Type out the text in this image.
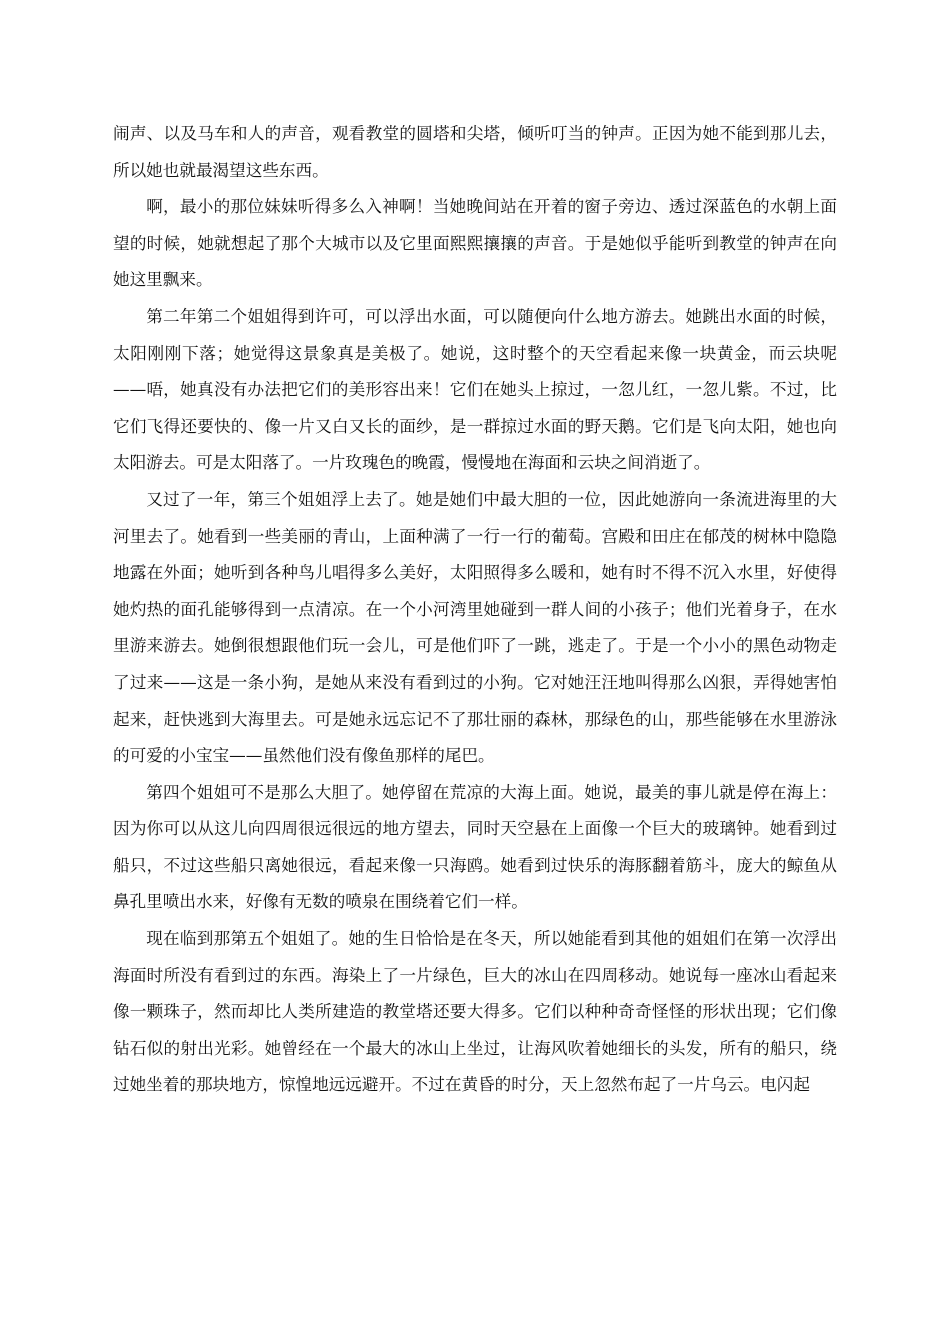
闹声、以及马车和人的声音，观看教堂的圆塔和尖塔，倾听叮当的钟声。正因为她不能到那儿去，所以她也就最渴望这些东西。

啊，最小的那位妹妹听得多么入神啊！当她晚间站在开着的窗子旁边、透过深蓝色的水朝上面望的时候，她就想起了那个大城市以及它里面熙熙攘攘的声音。于是她似乎能听到教堂的钟声在向她这里飘来。

第二年第二个姐姐得到许可，可以浮出水面，可以随便向什么地方游去。她跳出水面的时候，太阳刚刚下落；她觉得这景象真是美极了。她说，这时整个的天空看起来像一块黄金，而云块呢——唔，她真没有办法把它们的美形容出来！它们在她头上掠过，一忽儿红，一忽儿紫。不过，比它们飞得还要快的、像一片又白又长的面纱，是一群掠过水面的野天鹅。它们是飞向太阳，她也向太阳游去。可是太阳落了。一片玫瑰色的晚霞，慢慢地在海面和云块之间消逝了。

又过了一年，第三个姐姐浮上去了。她是她们中最大胆的一位，因此她游向一条流进海里的大河里去了。她看到一些美丽的青山，上面种满了一行一行的葡萄。宫殿和田庄在郁茂的树林中隐隐地露在外面；她听到各种鸟儿唱得多么美好，太阳照得多么暖和，她有时不得不沉入水里，好使得她灼热的面孔能够得到一点清凉。在一个小河湾里她碰到一群人间的小孩子；他们光着身子，在水里游来游去。她倒很想跟他们玩一会儿，可是他们吓了一跳，逃走了。于是一个小小的黑色动物走了过来——这是一条小狗，是她从来没有看到过的小狗。它对她汪汪地叫得那么凶狠，弄得她害怕起来，赶快逃到大海里去。可是她永远忘记不了那壮丽的森林，那绿色的山，那些能够在水里游泳的可爱的小宝宝——虽然他们没有像鱼那样的尾巴。

第四个姐姐可不是那么大胆了。她停留在荒凉的大海上面。她说，最美的事儿就是停在海上：因为你可以从这儿向四周很远很远的地方望去，同时天空悬在上面像一个巨大的玻璃钟。她看到过船只，不过这些船只离她很远，看起来像一只海鸥。她看到过快乐的海豚翻着筋斗，庞大的鲸鱼从鼻孔里喷出水来，好像有无数的喷泉在围绕着它们一样。

现在临到那第五个姐姐了。她的生日恰恰是在冬天，所以她能看到其他的姐姐们在第一次浮出海面时所没有看到过的东西。海染上了一片绿色，巨大的冰山在四周移动。她说每一座冰山看起来像一颗珠子，然而却比人类所建造的教堂塔还要大得多。它们以种种奇奇怪怪的形状出现；它们像钻石似的射出光彩。她曾经在一个最大的冰山上坐过，让海风吹着她细长的头发，所有的船只，绕过她坐着的那块地方，惊惶地远远避开。不过在黄昏的时分，天上忽然布起了一片乌云。电闪起
